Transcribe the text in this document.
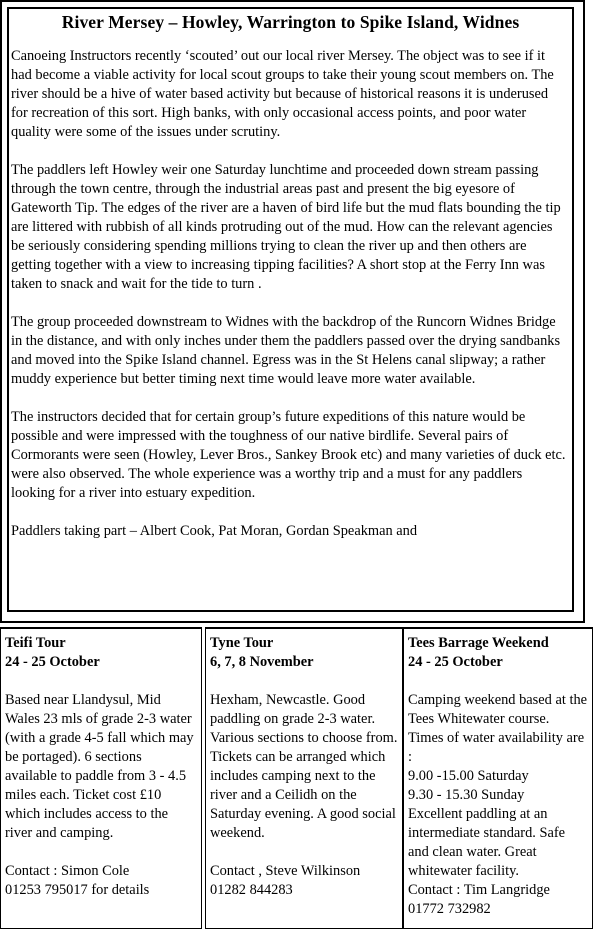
River Mersey – Howley, Warrington to Spike Island, Widnes

Canoeing Instructors recently ‘scouted’ out our local river Mersey. The object was to see if it had become a viable activity for local scout groups to take their young scout members on. The river should be a hive of water based activity but because of historical reasons it is underused for recreation of this sort. High banks, with only occasional access points, and poor water quality were some of the issues under scrutiny.

The paddlers left Howley weir one Saturday lunchtime and proceeded down stream passing through the town centre, through the industrial areas past and present the big eyesore of Gateworth Tip. The edges of the river are a haven of bird life but the mud flats bounding the tip are littered with rubbish of all kinds protruding out of the mud. How can the relevant agencies be seriously considering spending millions trying to clean the river up and then others are getting together with a view to increasing tipping facilities? A short stop at the Ferry Inn was taken to snack and wait for the tide to turn .

The group proceeded downstream to Widnes with the backdrop of the Runcorn Widnes Bridge in the distance, and with only inches under them the paddlers passed over the drying sandbanks and moved into the Spike Island channel. Egress was in the St Helens canal slipway; a rather muddy experience but better timing next time would leave more water available.

The instructors decided that for certain group’s future expeditions of this nature would be possible and were impressed with the toughness of our native birdlife. Several pairs of Cormorants were seen (Howley, Lever Bros., Sankey Brook etc) and many varieties of duck etc. were also observed. The whole experience was a worthy trip and a must for any paddlers looking for a river into estuary expedition.

Paddlers taking part – Albert Cook, Pat Moran, Gordan Speakman and

Teifi Tour
24 - 25 October
Based near Llandysul, Mid Wales 23 mls of grade 2-3 water (with a grade 4-5 fall which may be portaged). 6 sections available to paddle from 3 - 4.5 miles each. Ticket cost £10 which includes access to the river and camping.
Contact : Simon Cole
01253 795017 for details
Tyne Tour
6, 7, 8 November
Hexham, Newcastle. Good paddling on grade 2-3 water. Various sections to choose from. Tickets can be arranged which includes camping next to the river and a Ceilidh on the Saturday evening. A good social weekend.
Contact , Steve Wilkinson
01282 844283
Tees Barrage Weekend
24 - 25 October
Camping weekend based at the Tees Whitewater course. Times of water availability are :
9.00 -15.00 Saturday
9.30 - 15.30 Sunday
Excellent paddling at an intermediate standard. Safe and clean water. Great whitewater facility.
Contact : Tim Langridge
01772 732982
